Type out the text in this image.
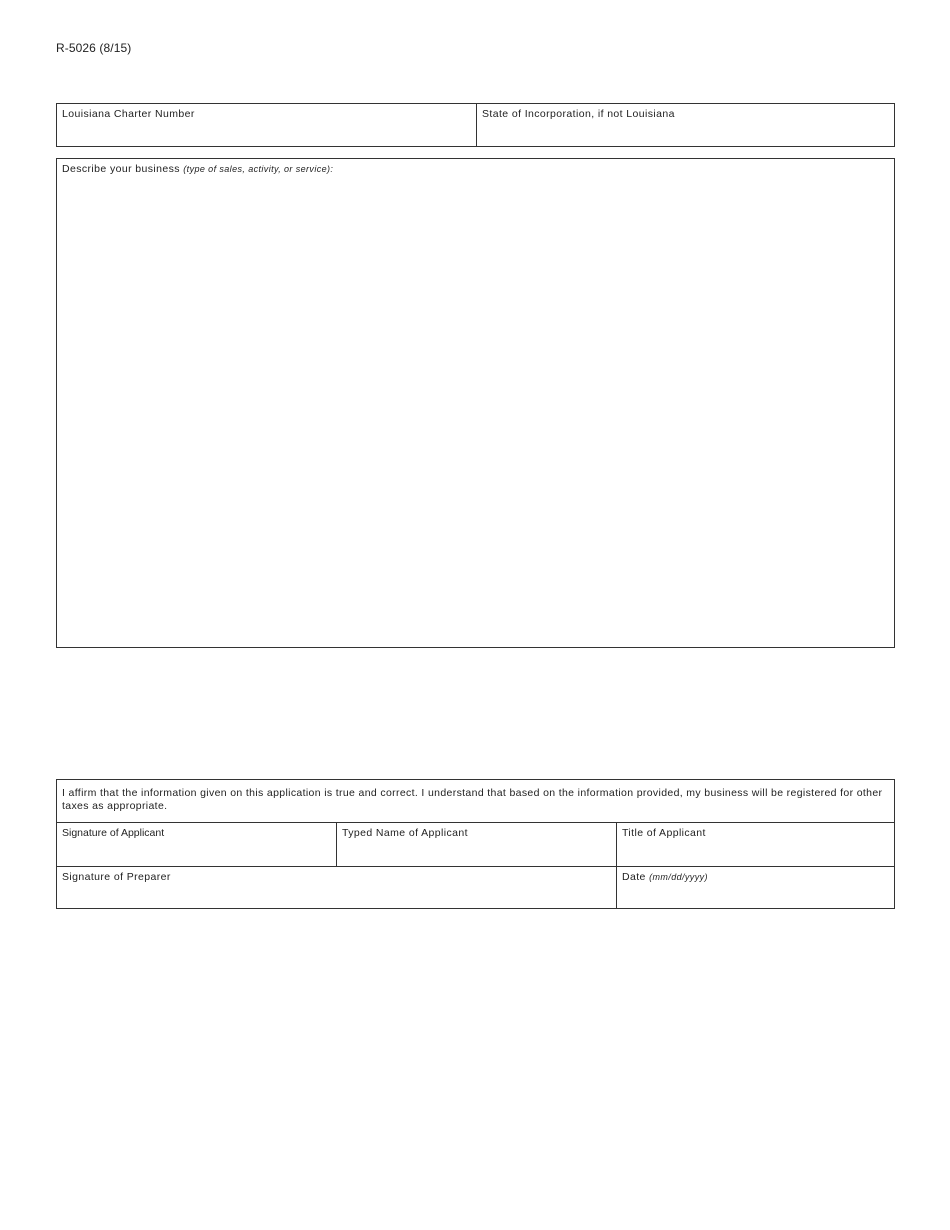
R-5026 (8/15)
Louisiana Charter Number	State of Incorporation, if not Louisiana
Describe your business (type of sales, activity, or service):
I affirm that the information given on this application is true and correct. I understand that based on the information provided, my business will be registered for other taxes as appropriate.
Signature of Applicant	Typed Name of Applicant	Title of Applicant
Signature of Preparer	Date (mm/dd/yyyy)
